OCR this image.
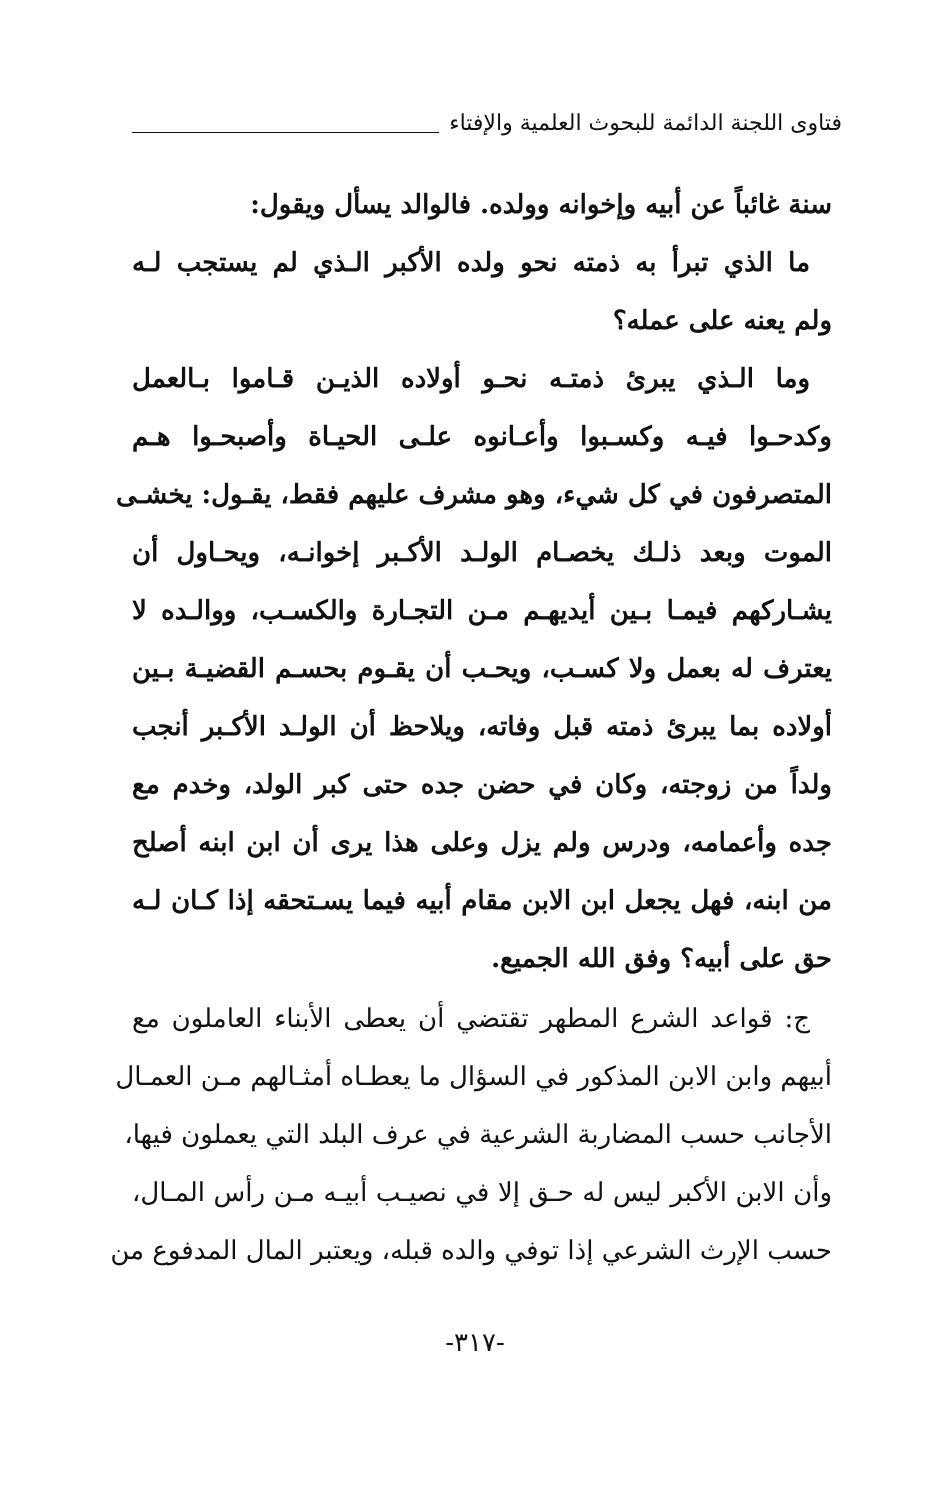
فتاوى اللجنة الدائمة للبحوث العلمية والإفتاء
سنة غائباً عن أبيه وإخوانه وولده. فالوالد يسأل ويقول:
ما الذي تبرأ به ذمته نحو ولده الأكبر الـذي لم يستجب لـه
ولم يعنه على عمله؟
وما الـذي يبرئ ذمتـه نحـو أولاده الذيـن قـاموا بـالعمل
وكدحـوا فيـه وكسـبوا وأعـانوه علـى الحيـاة وأصبحـوا هـم
المتصرفون في كل شيء، وهو مشرف عليهم فقط، يقـول: يخشـى
الموت وبعد ذلـك يخصـام الولـد الأكـبر إخوانـه، ويحـاول أن
يشـاركهم فيمـا بـين أيديهـم مـن التجـارة والكسـب، ووالـده لا
يعترف له بعمل ولا كسـب، ويحـب أن يقـوم بحسـم القضيـة بـين
أولاده بما يبرئ ذمته قبل وفاته، ويلاحظ أن الولـد الأكـبر أنجب
ولداً من زوجته، وكان في حضن جده حتى كبر الولد، وخدم مع
جده وأعمامه، ودرس ولم يزل وعلى هذا يرى أن ابن ابنه أصلح
من ابنه، فهل يجعل ابن الابن مقام أبيه فيما يسـتحقه إذا كـان لـه
حق على أبيه؟ وفق الله الجميع.
ج: قواعد الشرع المطهر تقتضي أن يعطى الأبناء العاملون مع
أبيهم وابن الابن المذكور في السؤال ما يعطـاه أمثـالهم مـن العمـال
الأجانب حسب المضاربة الشرعية في عرف البلد التي يعملون فيها،
وأن الابن الأكبر ليس له حـق إلا في نصيـب أبيـه مـن رأس المـال،
حسب الإرث الشرعي إذا توفي والده قبله، ويعتبر المال المدفوع من
-٣١٧-
